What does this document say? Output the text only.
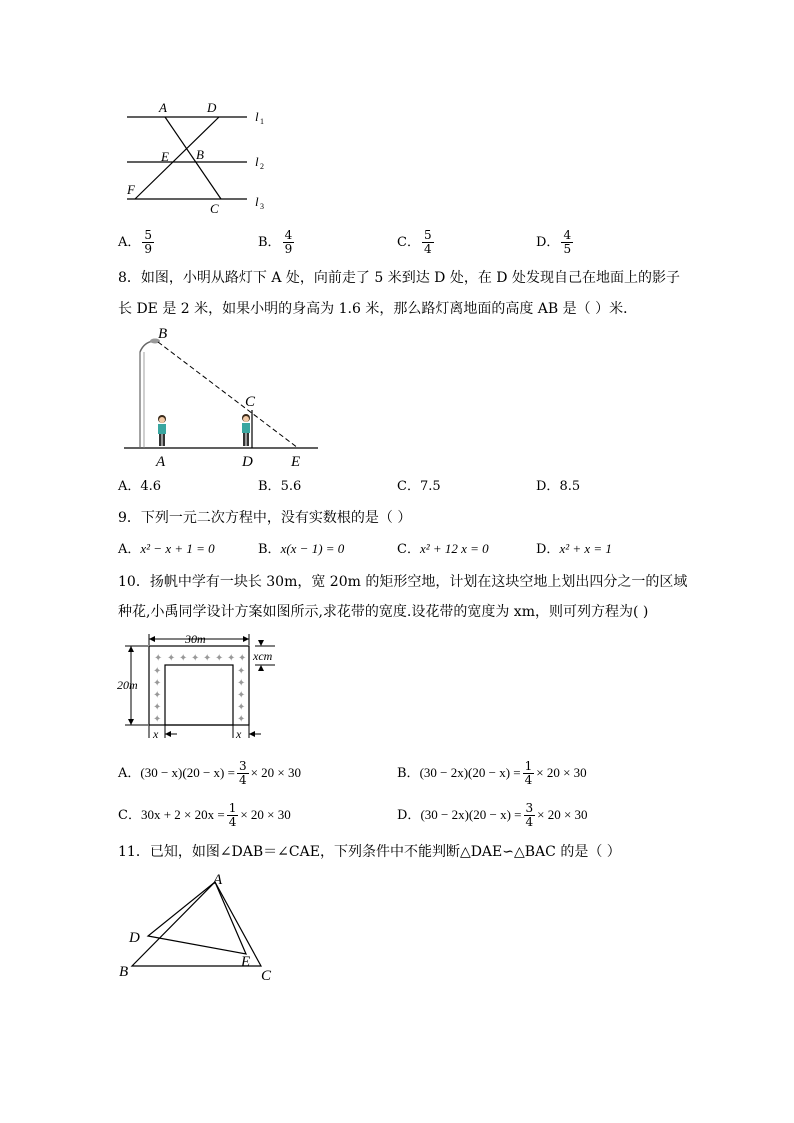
A	D
E B
F
C
l 1
l 2
l 3
A． $\frac{5}{9}$	B． $\frac{4}{9}$	C． $\frac{5}{4}$	D． $\frac{4}{5}$
8．如图，小明从路灯下 A 处，向前走了 5 米到达 D 处，在 D 处发现自己在地面上的影子
长 DE 是 2 米，如果小明的身高为 1.6 米，那么路灯离地面的高度 AB 是（ ）米．
B
C
A	D	E
A．4.6	B．5.6	C．7.5	D．8.5
9．下列一元二次方程中，没有实数根的是（ ）
A．x² − x + 1 = 0	B．x(x − 1) = 0	C．x² + 12 x = 0	D．x² + x = 1
10．扬帆中学有一块长 30m，宽 20m 的矩形空地，计划在这块空地上划出四分之一的区域
种花,小禹同学设计方案如图所示,求花带的宽度.设花带的宽度为 xm，则可列方程为( )
30m
20m
✦ ✦ ✦ ✦ ✦ ✦ ✦ ✦
✦
✦
✦
✦
✦
✦
✦
✦
✦
✦
xcm
x	x
A．$(30 - x)(20 - x) = \frac{3}{4} \times 20 \times 30$	B．$(30 - 2x)(20 - x) = \frac{1}{4} \times 20 \times 30$
C．$30x + 2 \times 20x = \frac{1}{4} \times 20 \times 30$	D．$(30 - 2x)(20 - x) = \frac{3}{4} \times 20 \times 30$
11．已知，如图∠DAB＝∠CAE，下列条件中不能判断△DAE∽△BAC 的是（ ）
A
D
E
B	C
